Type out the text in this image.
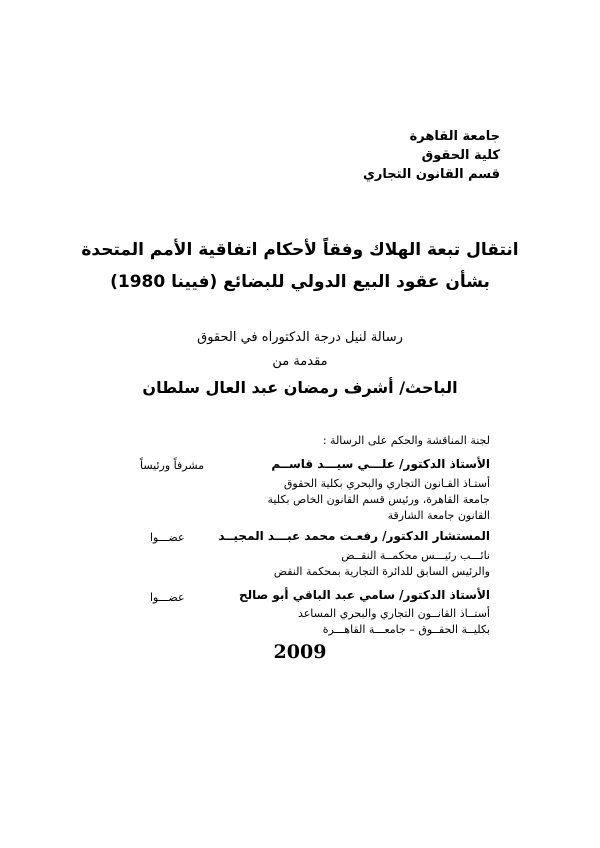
جامعة القاهرة
كلية الحقوق
قسم القانون التجاري
انتقال تبعة الهلاك وفقاً لأحكام اتفاقية الأمم المتحدة
بشأن عقود البيع الدولي للبضائع (فيينا 1980)
رسالة لنيل درجة الدكتوراه في الحقوق
مقدمة من
الباحث/ أشرف رمضان عبد العال سلطان
لجنة المناقشة والحكم على الرسالة :
الأستاذ الدكتور/ علـــي سيـــد قاســم
مشرفاً ورئيساً
أستـاذ القـانون التجاري والبحري بكلية الحقوق
جامعة القاهرة، ورئيس قسم القانون الخاص بكلية
القانون جامعة الشارقة
المستشار الدكتور/ رفعـت محمد عبـــد المجيــد
عضـــوا
نائـــب رئيـــس محكمــة النقــض
والرئيس السابق للدائرة التجارية بمحكمة النقض
الأستاذ الدكتور/ سامي عبد الباقي أبو صالح
عضـــوا
أستــاذ القانــون التجاري والبحري المساعد
بكليــة الحقــوق – جامعـــة القاهـــرة
2009
